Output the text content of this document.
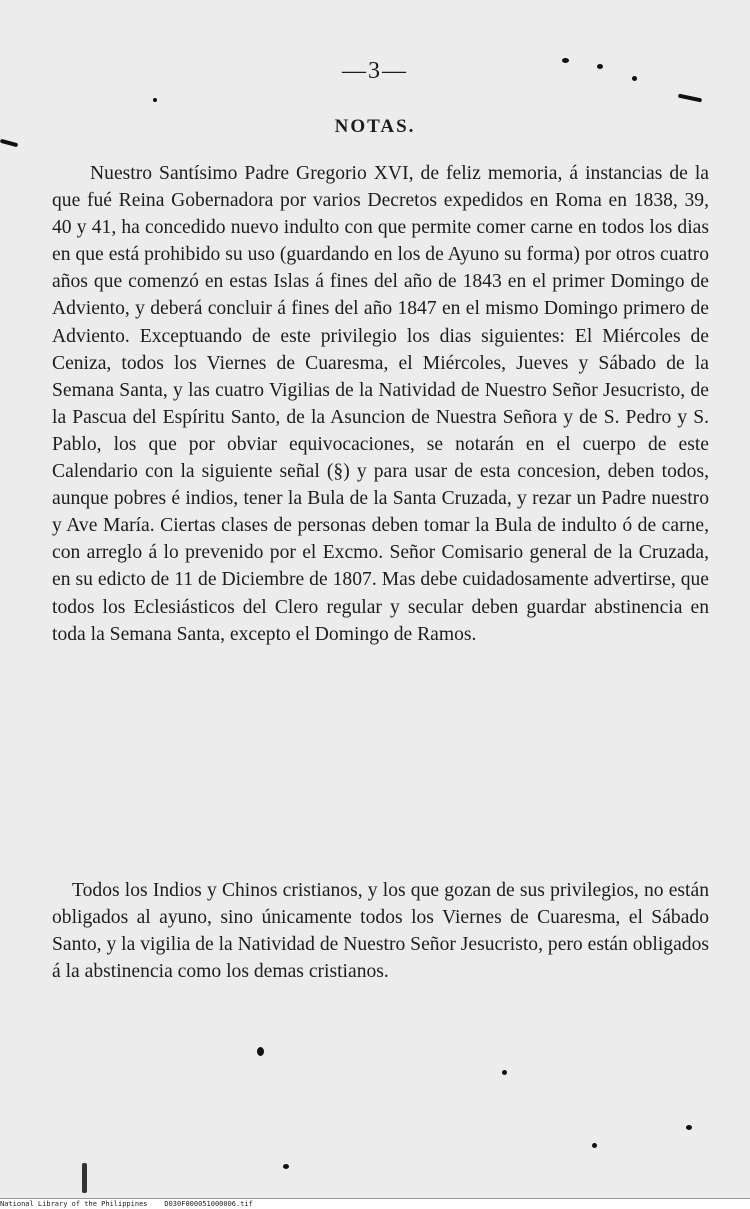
—3—
NOTAS.

Nuestro Santísimo Padre Gregorio XVI, de feliz memoria, á instancias de la que fué Reina Gobernadora por varios Decretos expedidos en Roma en 1838, 39, 40 y 41, ha concedido nuevo indulto con que permite comer carne en todos los dias en que está prohibido su uso (guardando en los de Ayuno su forma) por otros cuatro años que comenzó en estas Islas á fines del año de 1843 en el primer Domingo de Adviento, y deberá concluir á fines del año 1847 en el mismo Domingo primero de Adviento. Exceptuando de este privilegio los dias siguientes: El Miércoles de Ceniza, todos los Viernes de Cuaresma, el Miércoles, Jueves y Sábado de la Semana Santa, y las cuatro Vigilias de la Natividad de Nuestro Señor Jesucristo, de la Pascua del Espíritu Santo, de la Asuncion de Nuestra Señora y de S. Pedro y S. Pablo, los que por obviar equivocaciones, se notarán en el cuerpo de este Calendario con la siguiente señal (§) y para usar de esta concesion, deben todos, aunque pobres é indios, tener la Bula de la Santa Cruzada, y rezar un Padre nuestro y Ave María. Ciertas clases de personas deben tomar la Bula de indulto ó de carne, con arreglo á lo prevenido por el Excmo. Señor Comisario general de la Cruzada, en su edicto de 11 de Diciembre de 1807. Mas debe cuidadosamente advertirse, que todos los Eclesiásticos del Clero regular y secular deben guardar abstinencia en toda la Semana Santa, excepto el Domingo de Ramos.

Todos los Indios y Chinos cristianos, y los que gozan de sus privilegios, no están obligados al ayuno, sino únicamente todos los Viernes de Cuaresma, el Sábado Santo, y la vigilia de la Natividad de Nuestro Señor Jesucristo, pero están obligados á la abstinencia como los demas cristianos.

National Library of the Philippines D030F000051000006.tif
